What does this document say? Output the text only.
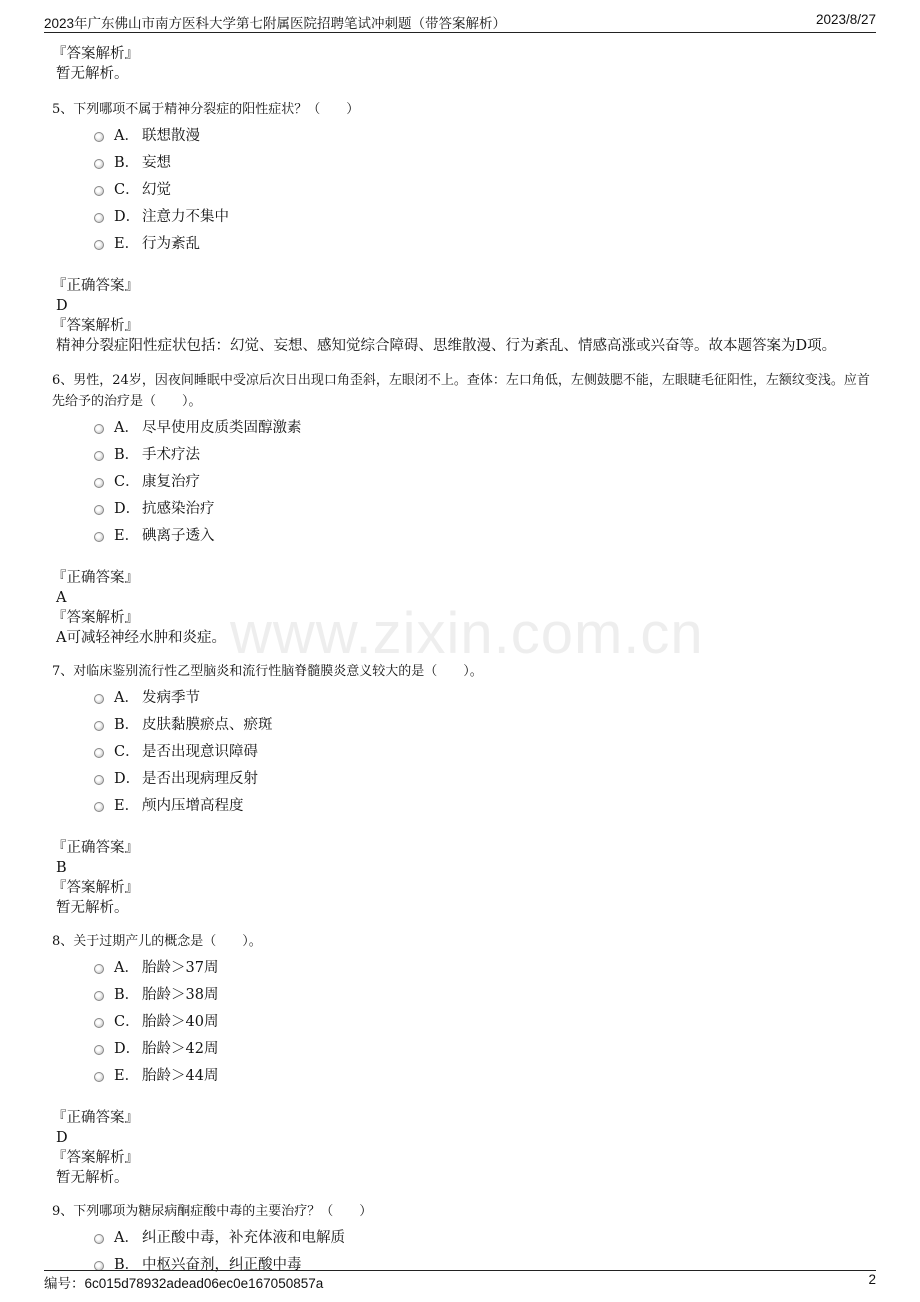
2023年广东佛山市南方医科大学第七附属医院招聘笔试冲刺题（带答案解析）	2023/8/27
www.zixin.com.cn
『答案解析』
暂无解析。
5、下列哪项不属于精神分裂症的阳性症状？（　　）
A． 联想散漫
B． 妄想
C． 幻觉
D． 注意力不集中
E． 行为紊乱
『正确答案』
D
『答案解析』
精神分裂症阳性症状包括：幻觉、妄想、感知觉综合障碍、思维散漫、行为紊乱、情感高涨或兴奋等。故本题答案为D项。
6、男性，24岁，因夜间睡眠中受凉后次日出现口角歪斜，左眼闭不上。查体：左口角低，左侧鼓腮不能，左眼睫毛征阳性，左额纹变浅。应首先给予的治疗是（　　）。
A． 尽早使用皮质类固醇激素
B． 手术疗法
C． 康复治疗
D． 抗感染治疗
E． 碘离子透入
『正确答案』
A
『答案解析』
A可减轻神经水肿和炎症。
7、对临床鉴别流行性乙型脑炎和流行性脑脊髓膜炎意义较大的是（　　）。
A． 发病季节
B． 皮肤黏膜瘀点、瘀斑
C． 是否出现意识障碍
D． 是否出现病理反射
E． 颅内压增高程度
『正确答案』
B
『答案解析』
暂无解析。
8、关于过期产儿的概念是（　　）。
A． 胎龄＞37周
B． 胎龄＞38周
C． 胎龄＞40周
D． 胎龄＞42周
E． 胎龄＞44周
『正确答案』
D
『答案解析』
暂无解析。
9、下列哪项为糖尿病酮症酸中毒的主要治疗？（　　）
A． 纠正酸中毒，补充体液和电解质
B． 中枢兴奋剂，纠正酸中毒
编号：6c015d78932adead06ec0e167050857a	2
